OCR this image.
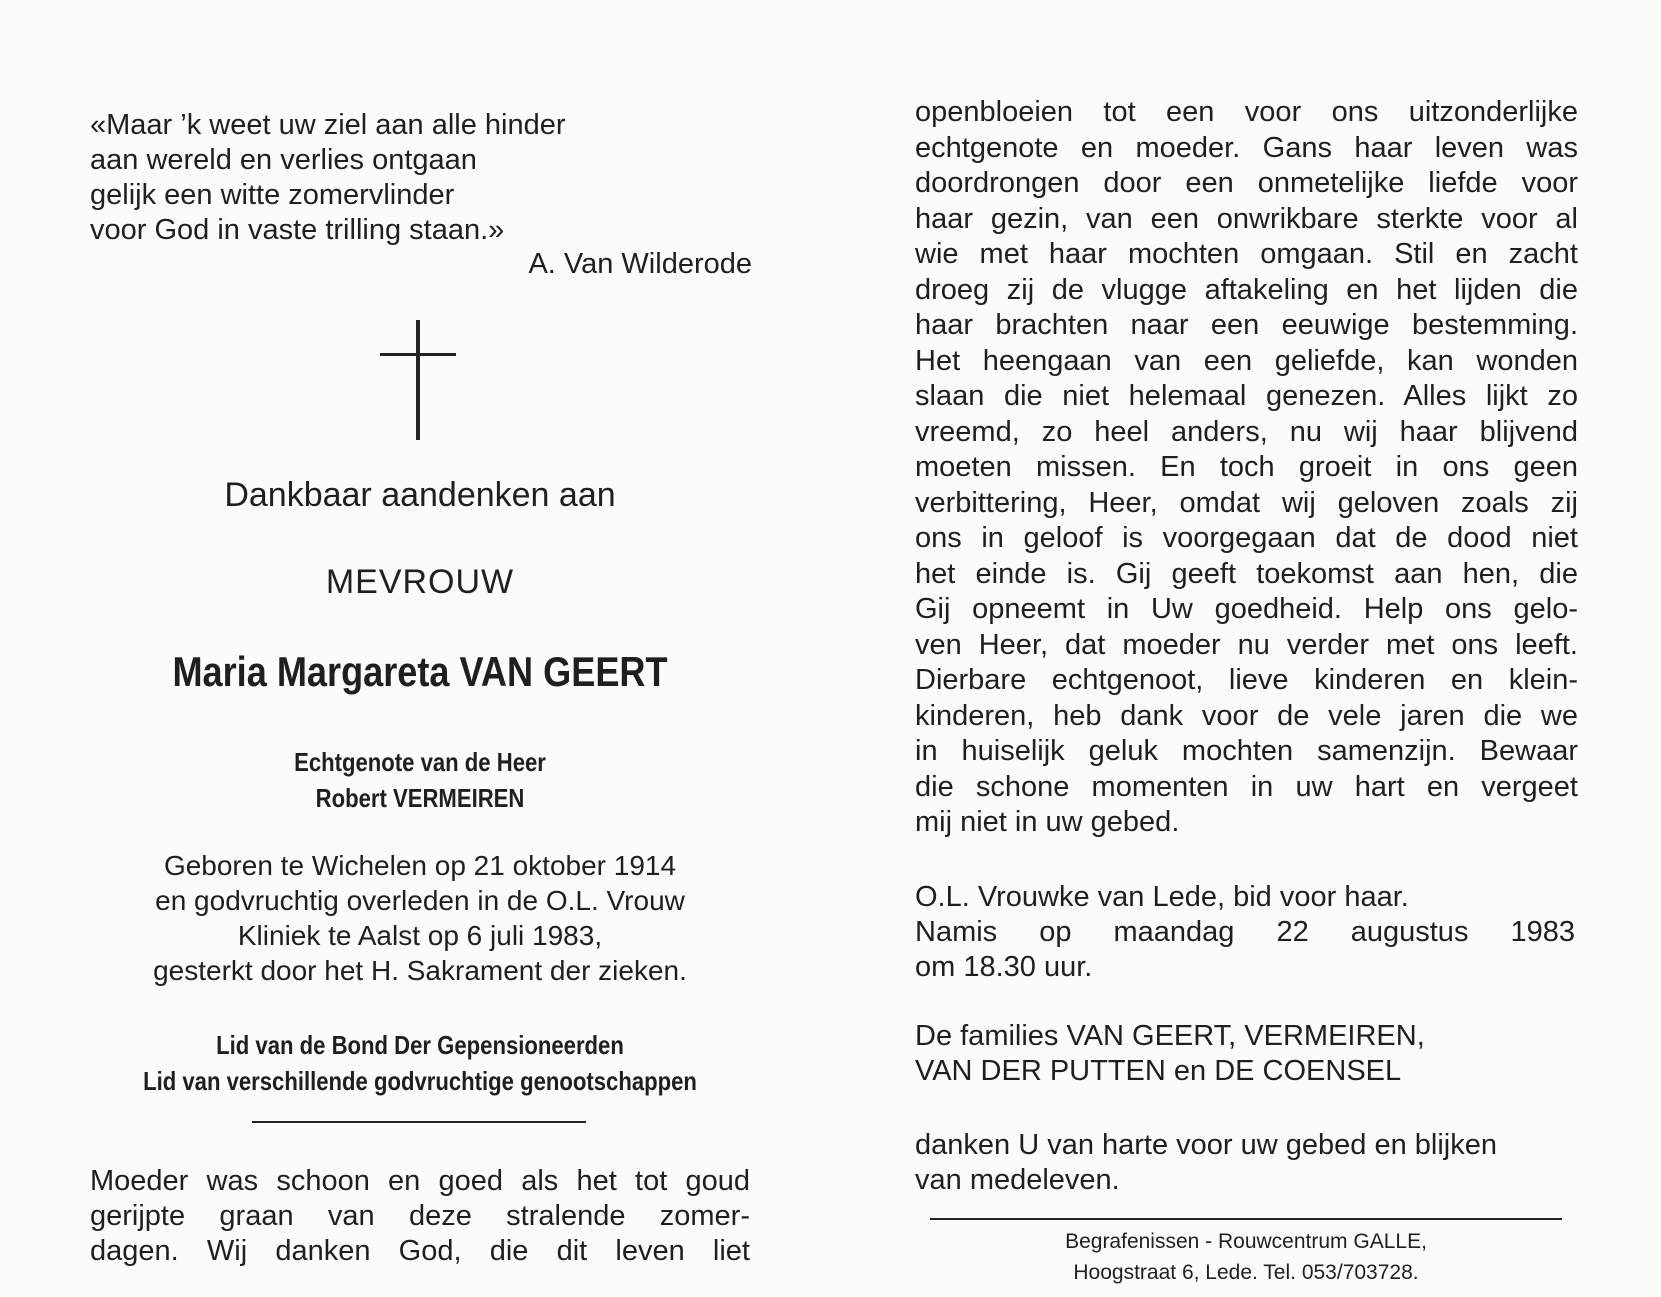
«Maar ’k weet uw ziel aan alle hinder
aan wereld en verlies ontgaan
gelijk een witte zomervlinder
voor God in vaste trilling staan.»
A. Van Wilderode
Dankbaar aandenken aan
MEVROUW
Maria Margareta VAN GEERT
Echtgenote van de Heer
Robert VERMEIREN
Geboren te Wichelen op 21 oktober 1914
en godvruchtig overleden in de O.L. Vrouw
Kliniek te Aalst op 6 juli 1983,
gesterkt door het H. Sakrament der zieken.
Lid van de Bond Der Gepensioneerden
Lid van verschillende godvruchtige genootschappen
Moeder was schoon en goed als het tot goud
gerijpte graan van deze stralende zomer-
dagen. Wij danken God, die dit leven liet
openbloeien tot een voor ons uitzonderlijke
echtgenote en moeder. Gans haar leven was
doordrongen door een onmetelijke liefde voor
haar gezin, van een onwrikbare sterkte voor al
wie met haar mochten omgaan. Stil en zacht
droeg zij de vlugge aftakeling en het lijden die
haar brachten naar een eeuwige bestemming.
Het heengaan van een geliefde, kan wonden
slaan die niet helemaal genezen. Alles lijkt zo
vreemd, zo heel anders, nu wij haar blijvend
moeten missen. En toch groeit in ons geen
verbittering, Heer, omdat wij geloven zoals zij
ons in geloof is voorgegaan dat de dood niet
het einde is. Gij geeft toekomst aan hen, die
Gij opneemt in Uw goedheid. Help ons gelo-
ven Heer, dat moeder nu verder met ons leeft.
Dierbare echtgenoot, lieve kinderen en klein-
kinderen, heb dank voor de vele jaren die we
in huiselijk geluk mochten samenzijn. Bewaar
die schone momenten in uw hart en vergeet
mij niet in uw gebed.
O.L. Vrouwke van Lede, bid voor haar.
Namis op maandag 22 augustus 1983
om 18.30 uur.
De families VAN GEERT, VERMEIREN,
VAN DER PUTTEN en DE COENSEL
danken U van harte voor uw gebed en blijken
van medeleven.
Begrafenissen - Rouwcentrum GALLE,
Hoogstraat 6, Lede. Tel. 053/703728.
